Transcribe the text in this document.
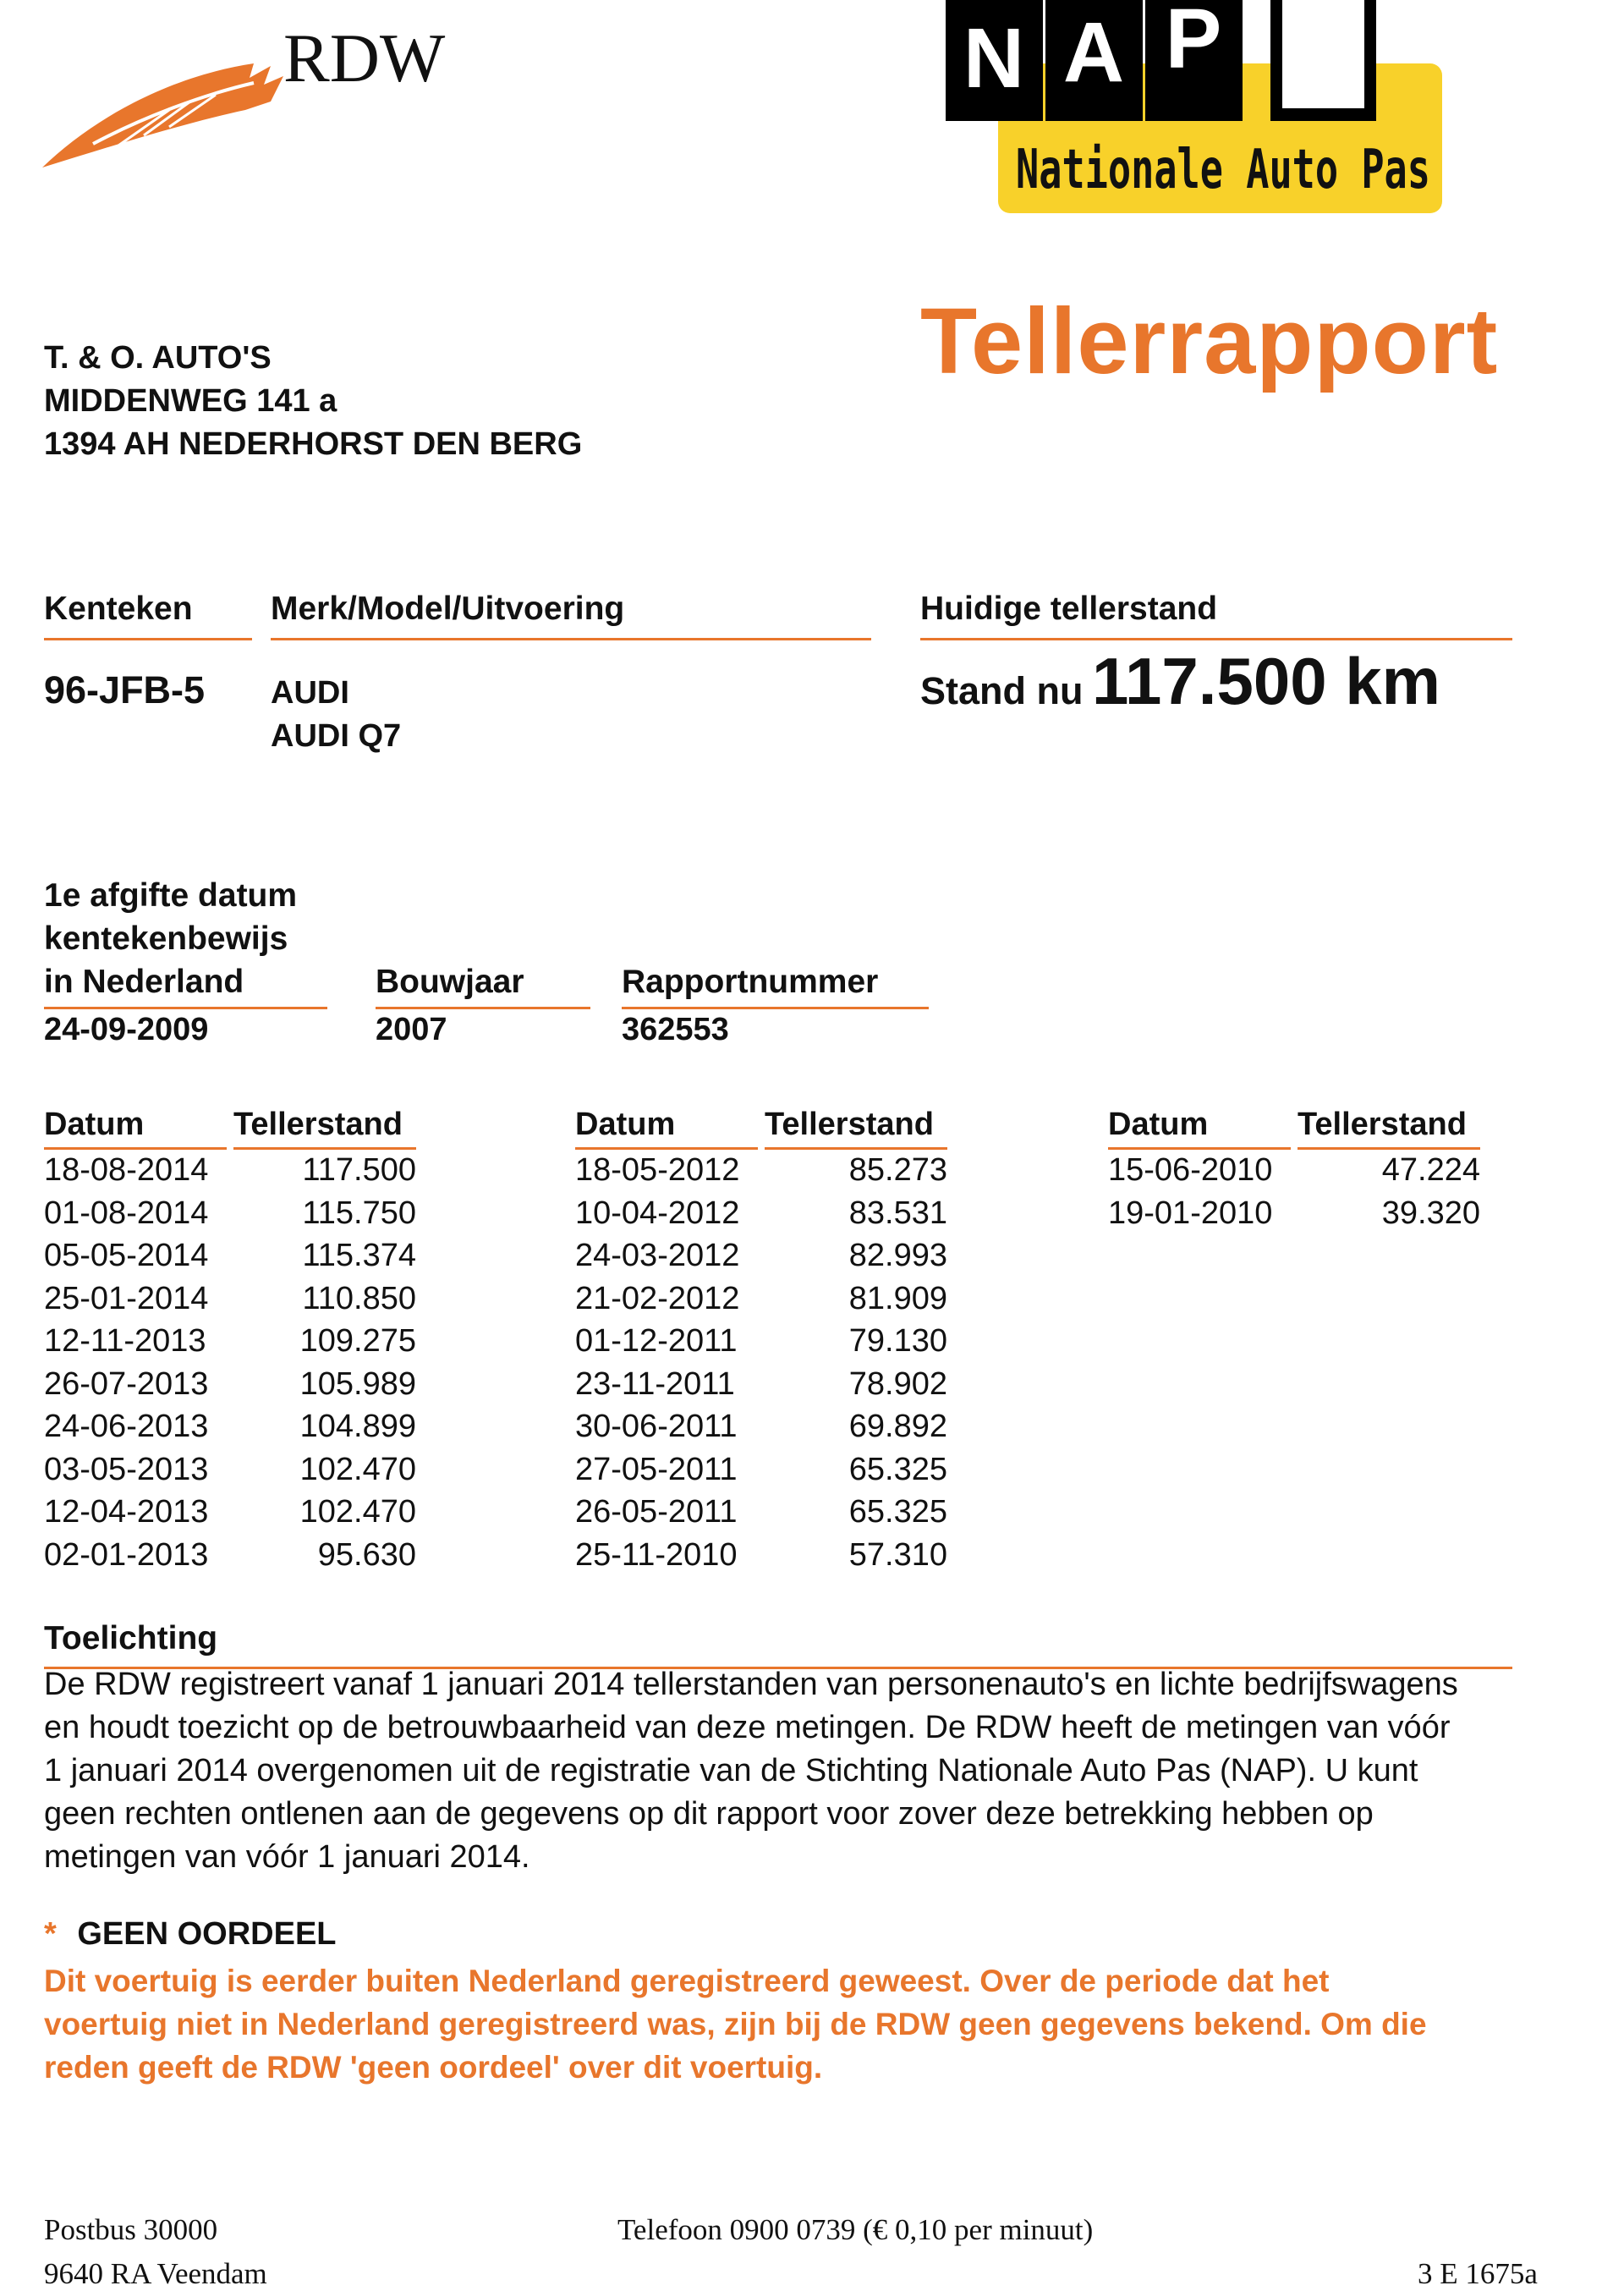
RDW	N A P
Nationale Auto Pas
T. & O. AUTO'S
MIDDENWEG 141 a
1394 AH NEDERHORST DEN BERG
Tellerrapport
Kenteken
96-JFB-5
Merk/Model/Uitvoering
AUDI
AUDI Q7
Huidige tellerstand
Stand nu 117.500 km
1e afgifte datum
kentekenbewijs
in Nederland
24-09-2009
Bouwjaar
2007
Rapportnummer
362553
Datum	Tellerstand
18-08-2014	117.500
01-08-2014	115.750
05-05-2014	115.374
25-01-2014	110.850
12-11-2013	109.275
26-07-2013	105.989
24-06-2013	104.899
03-05-2013	102.470
12-04-2013	102.470
02-01-2013	95.630
Datum	Tellerstand
18-05-2012	85.273
10-04-2012	83.531
24-03-2012	82.993
21-02-2012	81.909
01-12-2011	79.130
23-11-2011	78.902
30-06-2011	69.892
27-05-2011	65.325
26-05-2011	65.325
25-11-2010	57.310
Datum	Tellerstand
15-06-2010	47.224
19-01-2010	39.320
Toelichting
De RDW registreert vanaf 1 januari 2014 tellerstanden van personenauto's en lichte bedrijfswagens
en houdt toezicht op de betrouwbaarheid van deze metingen. De RDW heeft de metingen van vóór
1 januari 2014 overgenomen uit de registratie van de Stichting Nationale Auto Pas (NAP). U kunt
geen rechten ontlenen aan de gegevens op dit rapport voor zover deze betrekking hebben op
metingen van vóór 1 januari 2014.
* GEEN OORDEEL
Dit voertuig is eerder buiten Nederland geregistreerd geweest. Over de periode dat het
voertuig niet in Nederland geregistreerd was, zijn bij de RDW geen gegevens bekend. Om die
reden geeft de RDW 'geen oordeel' over dit voertuig.
Postbus 30000
9640 RA Veendam
Telefoon 0900 0739 (€ 0,10 per minuut)
3 E 1675a
